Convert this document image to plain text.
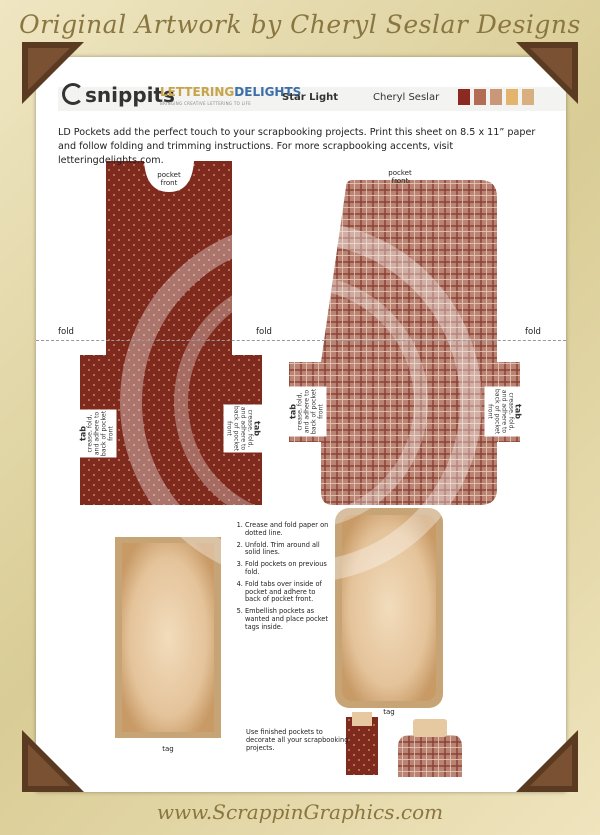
Original Artwork by Cheryl Seslar Designs
snippits
LETTERINGDELIGHTS
BRINGING CREATIVE LETTERING TO LIFE
Star Light	Cheryl Seslar
LD Pockets add the perfect touch to your scrapbooking projects. Print this sheet on 8.5 x 11” paper and follow folding and trimming instructions. For more scrapbooking accents, visit letteringdelights.com.
pocket front
pocket front
fold	fold	fold
tab crease, fold, and adhere to back of pocket front	tab
crease, fold, and adhere to back of pocket front
tab crease, fold, and adhere to back of pocket front	tab
crease, fold, and adhere to back of pocket front
1. Crease and fold paper on dotted line.
2. Unfold. Trim around all solid lines.
3. Fold pockets on previous fold.
4. Fold tabs over inside of pocket and adhere to back of pocket front.
5. Embellish pockets as wanted and place pocket tags inside.
tag
tag
Use finished pockets to decorate all your scrapbooking projects.
www.ScrappinGraphics.com
